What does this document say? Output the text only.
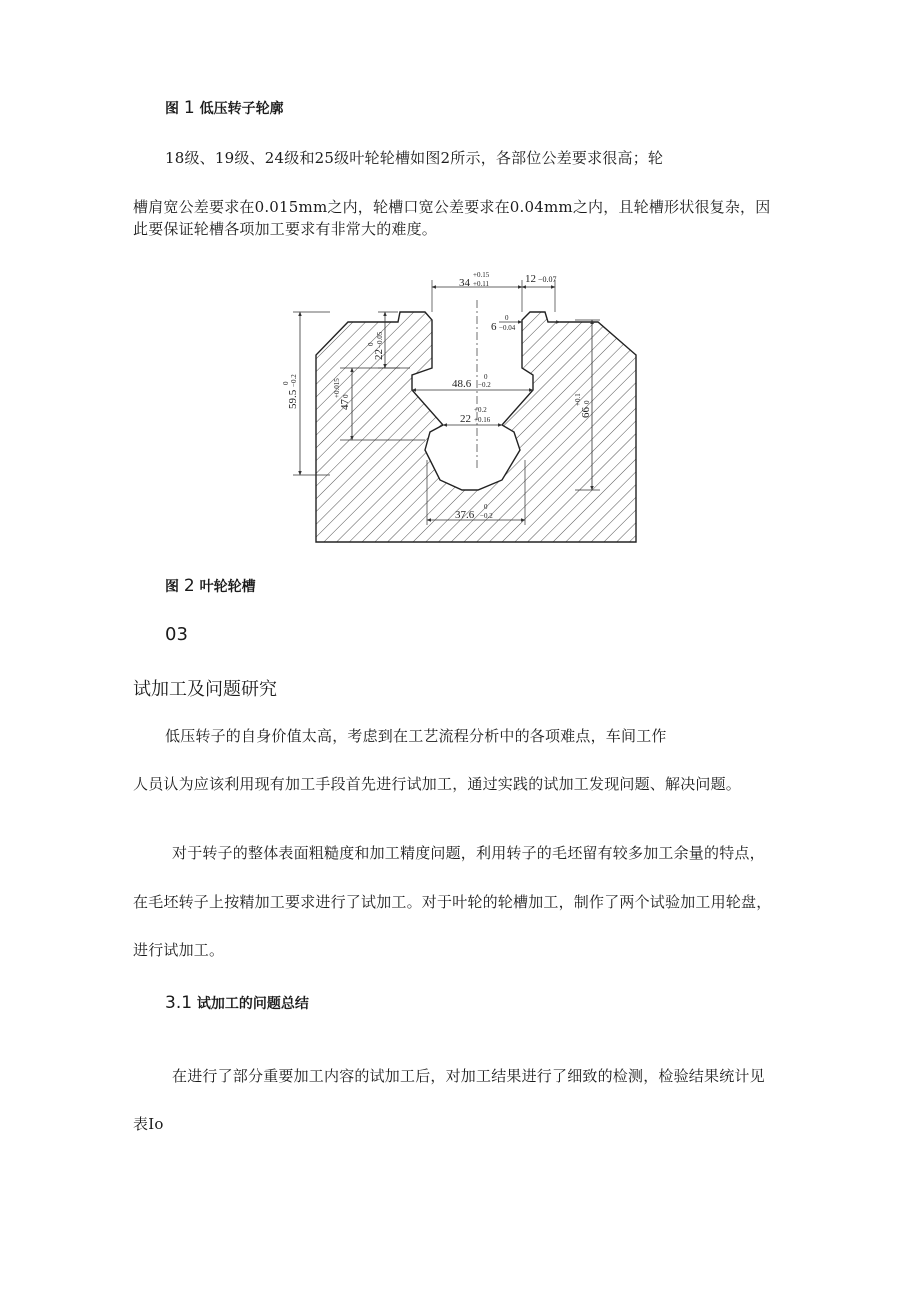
图 1 低压转子轮廓
18级、19级、24级和25级叶轮轮槽如图2所示，各部位公差要求很高；轮
槽肩宽公差要求在0.015mm之内，轮槽口宽公差要求在0.04mm之内，且轮槽形状很复杂，因
此要保证轮槽各项加工要求有非常大的难度。
34
+0.15
+0.11	12 −0.07
6
0
−0.04
48.6
0
−0.2
22
+0.2
+0.16
37.6
0
−0.2
59.5
0 −0.2
47
+0.015 0
22
0 −0.05
66
+0.1 0
图 2 叶轮轮槽
03
试加工及问题研究
低压转子的自身价值太高，考虑到在工艺流程分析中的各项难点，车间工作
人员认为应该利用现有加工手段首先进行试加工，通过实践的试加工发现问题、解决问题。
对于转子的整体表面粗糙度和加工精度问题，利用转子的毛坯留有较多加工余量的特点，
在毛坯转子上按精加工要求进行了试加工。对于叶轮的轮槽加工，制作了两个试验加工用轮盘，
进行试加工。
3.1 试加工的问题总结
在进行了部分重要加工内容的试加工后，对加工结果进行了细致的检测，检验结果统计见
表Io
